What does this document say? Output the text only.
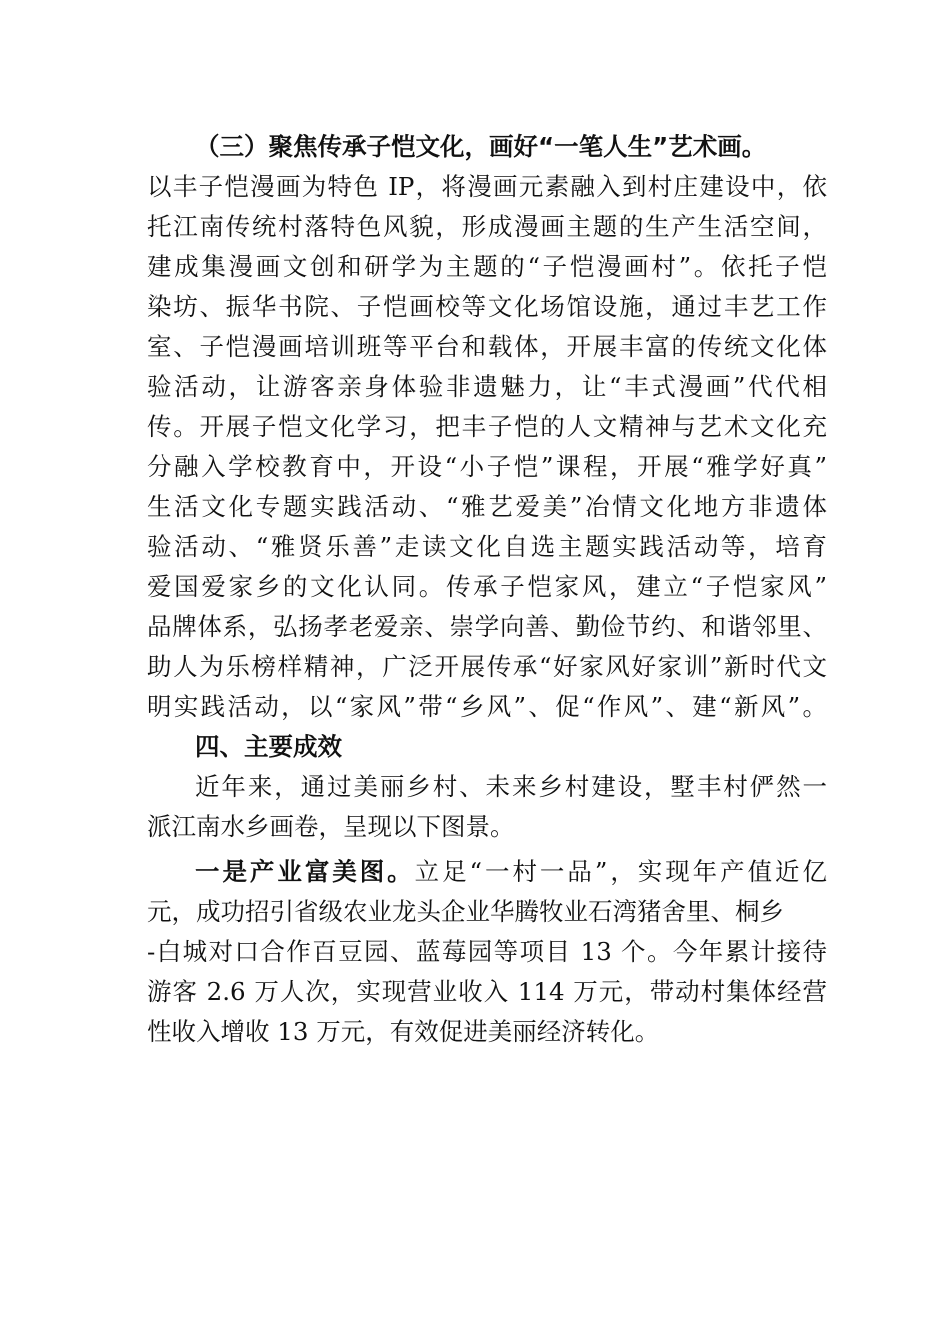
（三）聚焦传承子恺文化，画好“一笔人生”艺术画。
以丰子恺漫画为特色 IP，将漫画元素融入到村庄建设中，依
托江南传统村落特色风貌，形成漫画主题的生产生活空间，
建成集漫画文创和研学为主题的“子恺漫画村”。依托子恺
染坊、振华书院、子恺画校等文化场馆设施，通过丰艺工作
室、子恺漫画培训班等平台和载体，开展丰富的传统文化体
验活动，让游客亲身体验非遗魅力，让“丰式漫画”代代相
传。开展子恺文化学习，把丰子恺的人文精神与艺术文化充
分融入学校教育中，开设“小子恺”课程，开展“雅学好真”
生活文化专题实践活动、“雅艺爱美”冶情文化地方非遗体
验活动、“雅贤乐善”走读文化自选主题实践活动等，培育
爱国爱家乡的文化认同。传承子恺家风，建立“子恺家风”
品牌体系，弘扬孝老爱亲、崇学向善、勤俭节约、和谐邻里、
助人为乐榜样精神，广泛开展传承“好家风好家训”新时代文
明实践活动，以“家风”带“乡风”、促“作风”、建“新风”。
四、主要成效
近年来，通过美丽乡村、未来乡村建设，墅丰村俨然一
派江南水乡画卷，呈现以下图景。
一是产业富美图。立足“一村一品”，实现年产值近亿
元，成功招引省级农业龙头企业华腾牧业石湾猪舍里、桐乡
-白城对口合作百豆园、蓝莓园等项目 13 个。今年累计接待
游客 2.6 万人次，实现营业收入 114 万元，带动村集体经营
性收入增收 13 万元，有效促进美丽经济转化。
